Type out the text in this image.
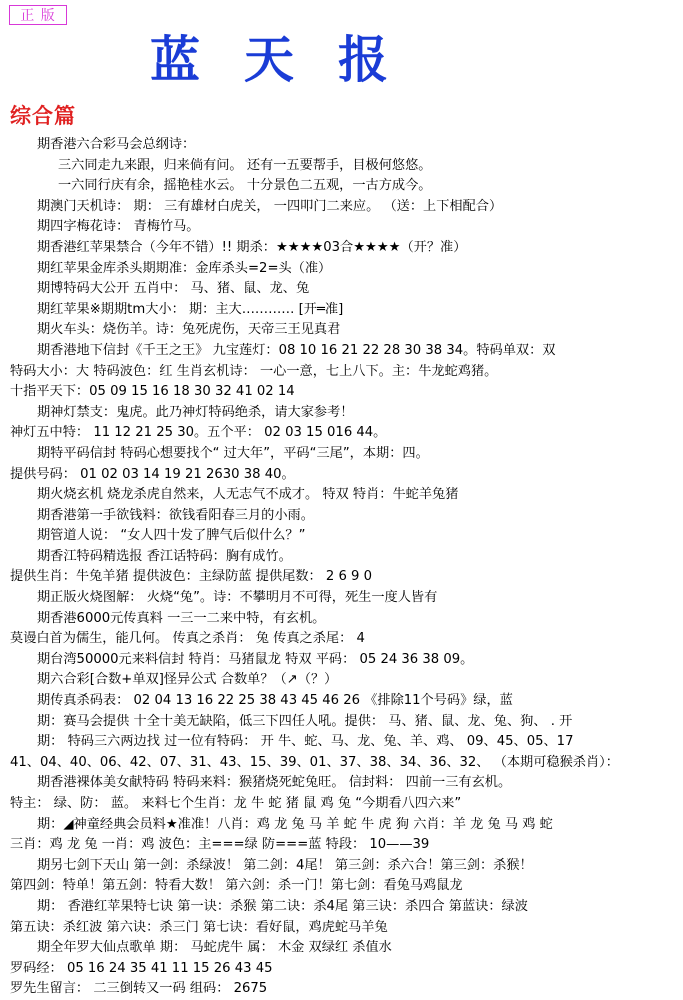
正 版
蓝天报
综合篇
期香港六合彩马会总纲诗：
三六同走九来跟，归来倘有问。 还有一五要帮手，目极何悠悠。
一六同行庆有余，摇艳桂水云。 十分景色二五观，一古方成今。
期澳门天机诗： 期： 三有雄材白虎关， 一四叩门二来应。 （送：上下相配合）
期四字梅花诗： 青梅竹马。
期香港红苹果禁合（今年不错）!! 期杀：★★★★03合★★★★（开？准）
期红苹果金库杀头期期准：金库杀头=2=头（准）
期博特码大公开 五肖中： 马、猪、鼠、龙、兔
期红苹果※期期tm大小： 期：主大………… [开═准]
期火车头：烧伤羊。诗：兔死虎伤，天帝三王见真君
期香港地下信封《千王之王》 九宝莲灯：08 10 16 21 22 28 30 38 34。特码单双：双
特码大小：大 特码波色：红 生肖玄机诗： 一心一意，七上八下。主：牛龙蛇鸡猪。
十指平天下：05 09 15 16 18 30 32 41 02 14
期神灯禁支：鬼虎。此乃神灯特码绝杀，请大家参考！
神灯五中特： 11 12 21 25 30。五个平： 02 03 15 016 44。
期特平码信封 特码心想要找个“ 过大年”，平码“三尾”，本期：四。
提供号码： 01 02 03 14 19 21 2630 38 40。
期火烧玄机 烧龙杀虎自然来，人无志气不成才。 特双 特肖：牛蛇羊兔猪
期香港第一手欲钱料：欲钱看阳春三月的小雨。
期管道人说： “女人四十发了脾气后似什么？”
期香江特码精选报 香江话特码：胸有成竹。
提供生肖：牛兔羊猪 提供波色：主绿防蓝 提供尾数： 2 6 9 0
期正版火烧图解： 火烧“兔”。诗：不攀明月不可得，死生一度人皆有
期香港6000元传真料 一三一二来中特，有玄机。
莫谩白首为儒生，能几何。 传真之杀肖： 兔 传真之杀尾： 4
期台湾50000元来料信封 特肖：马猪鼠龙 特双 平码： 05 24 36 38 09。
期六合彩[合数+单双]怪异公式 合数单？（↗（？）
期传真杀码表： 02 04 13 16 22 25 38 43 45 46 26 《排除11个号码》绿，蓝
期：赛马会提供 十全十美无缺陷，低三下四任人吼。提供： 马、猪、鼠、龙、兔、狗、 . 开
期： 特码三六两边找 过一位有特码： 开 牛、蛇、马、龙、兔、羊、鸡、 09、45、05、17
41、04、40、06、42、07、31、43、15、39、01、37、38、34、36、32、 （本期可稳猴杀肖）：
期香港裸体美女献特码 特码来料：猴猪烧死蛇兔旺。 信封料： 四前一三有玄机。
特主： 绿、防： 蓝。 来料七个生肖：龙 牛 蛇 猪 鼠 鸡 兔 “今期看八四六来”
期：◢神童经典会员料★准准！八肖：鸡 龙 兔 马 羊 蛇 牛 虎 狗 六肖：羊 龙 兔 马 鸡 蛇
三肖：鸡 龙 兔 一肖：鸡 波色：主===绿 防===蓝 特段： 10——39
期另七剑下天山 第一剑：杀绿波！ 第二剑：4尾！ 第三剑：杀六合！第三剑：杀猴！
第四剑：特单！第五剑：特看大数！ 第六剑：杀一门！第七剑：看兔马鸡鼠龙
期： 香港红苹果特七诀 第一诀：杀猴 第二诀：杀4尾 第三诀：杀四合 第蓝诀：绿波
第五诀：杀红波 第六诀：杀三门 第七诀：看好鼠，鸡虎蛇马羊兔
期全年罗大仙点歌单 期： 马蛇虎牛 属： 木金 双绿红 杀值水
罗码经： 05 16 24 35 41 11 15 26 43 45
罗先生留言： 二三倒转又一码 组码： 2675
